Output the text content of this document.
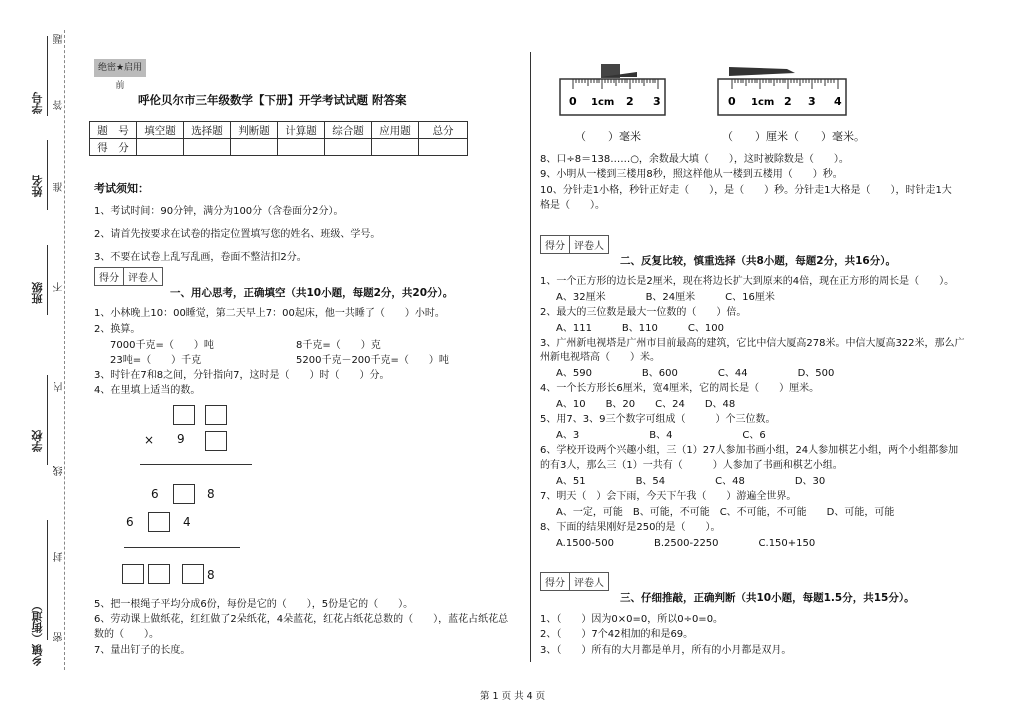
学号
姓名
班级
学校
乡镇（街道）
题
答
准
不
内
线
封
密
绝密★启用前
呼伦贝尔市三年级数学【下册】开学考试试题 附答案
题　号	填空题	选择题	判断题	计算题	综合题	应用题	总分
得　分							
考试须知：
1、考试时间：90分钟，满分为100分（含卷面分2分）。
2、请首先按要求在试卷的指定位置填写您的姓名、班级、学号。
3、不要在试卷上乱写乱画，卷面不整洁扣2分。
得分 评卷人
一、用心思考，正确填空（共10小题，每题2分，共20分）。
1、小林晚上10：00睡觉，第二天早上7：00起床，他一共睡了（　　）小时。
2、换算。
7000千克=（　　）吨	8千克=（　　）克
23吨=（　　）千克	5200千克－200千克=（　　）吨
3、时针在7和8之间，分针指向7，这时是（　　）时（　　）分。
4、在里填上适当的数。
× 9
6	8
6	4
8
5、把一根绳子平均分成6份，每份是它的（　　），5份是它的（　　）。
6、劳动课上做纸花，红红做了2朵纸花，4朵蓝花，红花占纸花总数的（　　），蓝花占纸花总
数的（　　）。
7、量出钉子的长度。
0 1cm 2 3	0 1cm 2 3 4
（　　）毫米	（　　）厘米（　　）毫米。
8、口÷8＝138……○，余数最大填（　　），这时被除数是（　　）。
9、小明从一楼到三楼用8秒，照这样他从一楼到五楼用（　　）秒。
10、分针走1小格，秒针正好走（　　），是（　　）秒。分针走1大格是（　　），时针走1大
格是（　　）。
得分 评卷人
二、反复比较，慎重选择（共8小题，每题2分，共16分）。
1、一个正方形的边长是2厘米，现在将边长扩大到原来的4倍，现在正方形的周长是（　　）。
A、32厘米　　　　B、24厘米　　　C、16厘米
2、最大的三位数是最大一位数的（　　）倍。
A、111　　　B、110　　　C、100
3、广州新电视塔是广州市目前最高的建筑，它比中信大厦高278米。中信大厦高322米，那么广
州新电视塔高（　　）米。
A、590　　　　　B、600　　　　C、44　　　　　D、500
4、一个长方形长6厘米，宽4厘米，它的周长是（　　）厘米。
A、10　　B、20　　C、24　　D、48
5、用7、3、9三个数字可组成（　　　）个三位数。
A、3　　　　　　　B、4　　　　　　　C、6
6、学校开设两个兴趣小组，三（1）27人参加书画小组，24人参加棋艺小组，两个小组都参加
的有3人，那么三（1）一共有（　　　）人参加了书画和棋艺小组。
A、51　　　　　B、54　　　　　C、48　　　　　D、30
7、明天（　）会下雨，今天下午我（　　）游遍全世界。
A、一定，可能　B、可能，不可能　C、不可能，不可能　　D、可能，可能
8、下面的结果刚好是250的是（　　）。
A.1500-500　　　　B.2500-2250　　　　C.150+150
得分 评卷人
三、仔细推敲，正确判断（共10小题，每题1.5分，共15分）。
1、（　　）因为0×0=0，所以0÷0=0。
2、（　　）7个42相加的和是69。
3、（　　）所有的大月都是单月，所有的小月都是双月。
第 1 页 共 4 页
